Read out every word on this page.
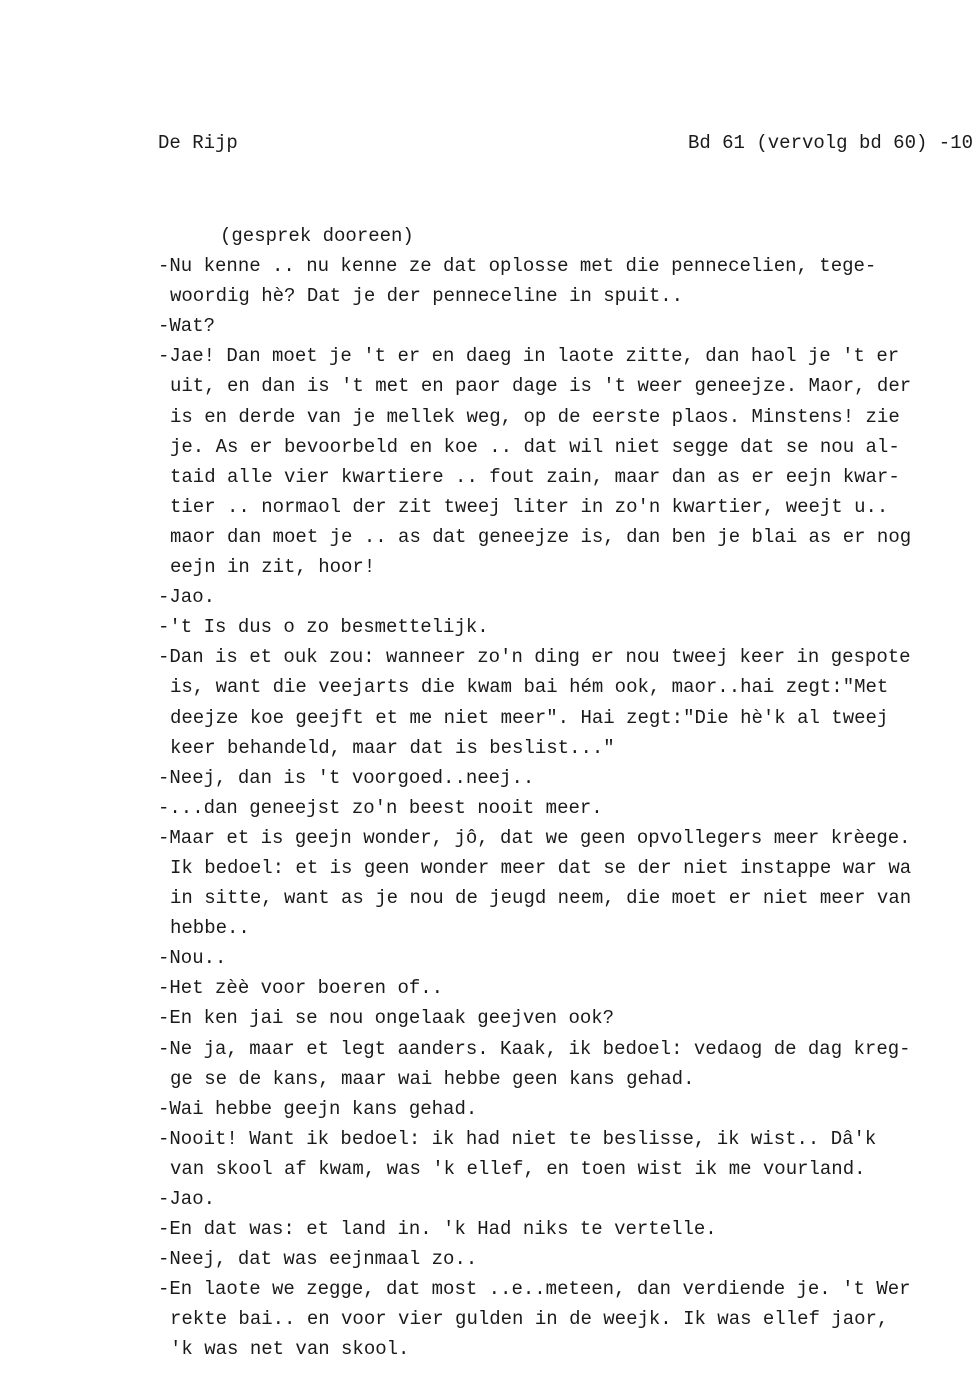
De Rijp	Bd 61 (vervolg bd 60) -10
(gesprek dooreen)
-Nu kenne .. nu kenne ze dat oplosse met die pennecelien, tege-
woordig hè? Dat je der penneceline in spuit..
-Wat?
-Jae! Dan moet je 't er en daeg in laote zitte, dan haol je 't er
uit, en dan is 't met en paor dage is 't weer geneejze. Maor, der
is en derde van je mellek weg, op de eerste plaos. Minstens! zie
je. As er bevoorbeld en koe .. dat wil niet segge dat se nou al-
taid alle vier kwartiere .. fout zain, maar dan as er eejn kwar-
tier .. normaol der zit tweej liter in zo'n kwartier, weejt u..
maor dan moet je .. as dat geneejze is, dan ben je blai as er nog
eejn in zit, hoor!
-Jao.
-'t Is dus o zo besmettelijk.
-Dan is et ouk zou: wanneer zo'n ding er nou tweej keer in gespote
is, want die veejarts die kwam bai hém ook, maor..hai zegt:"Met
deejze koe geejft et me niet meer". Hai zegt:"Die hè'k al tweej
keer behandeld, maar dat is beslist..."
-Neej, dan is 't voorgoed..neej..
-...dan geneejst zo'n beest nooit meer.
-Maar et is geejn wonder, jô, dat we geen opvollegers meer krèege.
Ik bedoel: et is geen wonder meer dat se der niet instappe war wa
in sitte, want as je nou de jeugd neem, die moet er niet meer van
hebbe..
-Nou..
-Het zèè voor boeren of..
-En ken jai se nou ongelaak geejven ook?
-Ne ja, maar et legt aanders. Kaak, ik bedoel: vedaog de dag kreg-
ge se de kans, maar wai hebbe geen kans gehad.
-Wai hebbe geejn kans gehad.
-Nooit! Want ik bedoel: ik had niet te beslisse, ik wist.. Dâ'k
van skool af kwam, was 'k ellef, en toen wist ik me vourland.
-Jao.
-En dat was: et land in. 'k Had niks te vertelle.
-Neej, dat was eejnmaal zo..
-En laote we zegge, dat most ..e..meteen, dan verdiende je. 't Wer
rekte bai.. en voor vier gulden in de weejk. Ik was ellef jaor,
'k was net van skool.
